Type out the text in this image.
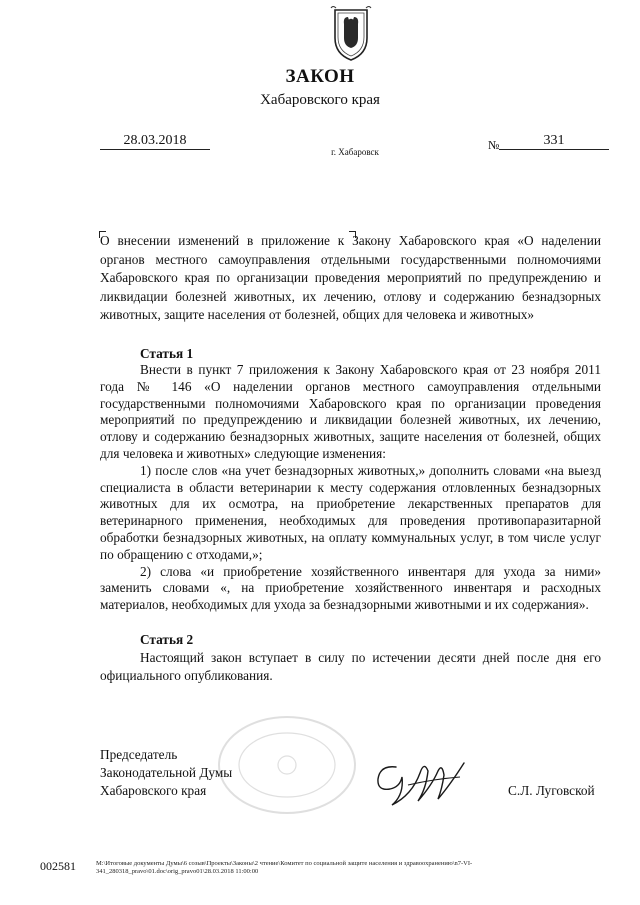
ЗАКОН
Хабаровского края
28.03.2018
г. Хабаровск	№	331
О внесении изменений в приложение к Закону Хабаровского края «О наделении органов местного самоуправления отдельными государственными полномочиями Хабаровского края по организации проведения мероприятий по предупреждению и ликвидации болезней животных, их лечению, отлову и содержанию безнадзорных животных, защите населения от болезней, общих для человека и животных»
Статья 1

Внести в пункт 7 приложения к Закону Хабаровского края от 23 ноября 2011 года № 146 «О наделении органов местного самоуправления отдельными государственными полномочиями Хабаровского края по организации проведения мероприятий по предупреждению и ликвидации болезней животных, их лечению, отлову и содержанию безнадзорных животных, защите населения от болезней, общих для человека и животных» следующие изменения:

1) после слов «на учет безнадзорных животных,» дополнить словами «на выезд специалиста в области ветеринарии к месту содержания отловленных безнадзорных животных для их осмотра, на приобретение лекарственных препаратов для ветеринарного применения, необходимых для проведения противопаразитарной обработки безнадзорных животных, на оплату коммунальных услуг, в том числе услуг по обращению с отходами,»;

2) слова «и приобретение хозяйственного инвентаря для ухода за ними» заменить словами «, на приобретение хозяйственного инвентаря и расходных материалов, необходимых для ухода за безнадзорными животными и их содержания».

Статья 2

Настоящий закон вступает в силу по истечении десяти дней после дня его официального опубликования.

Председатель
Законодательной Думы
Хабаровского края	С.Л. Луговской
002581	M:\Итоговые документы Думы\6 созыв\Проекты\Законы\2 чтение\Комитет по социальной защите населения и здравоохранению\n7-VI-341_280318_pravo\01.doc\orig_pravo01\28.03.2018 11:00:00
